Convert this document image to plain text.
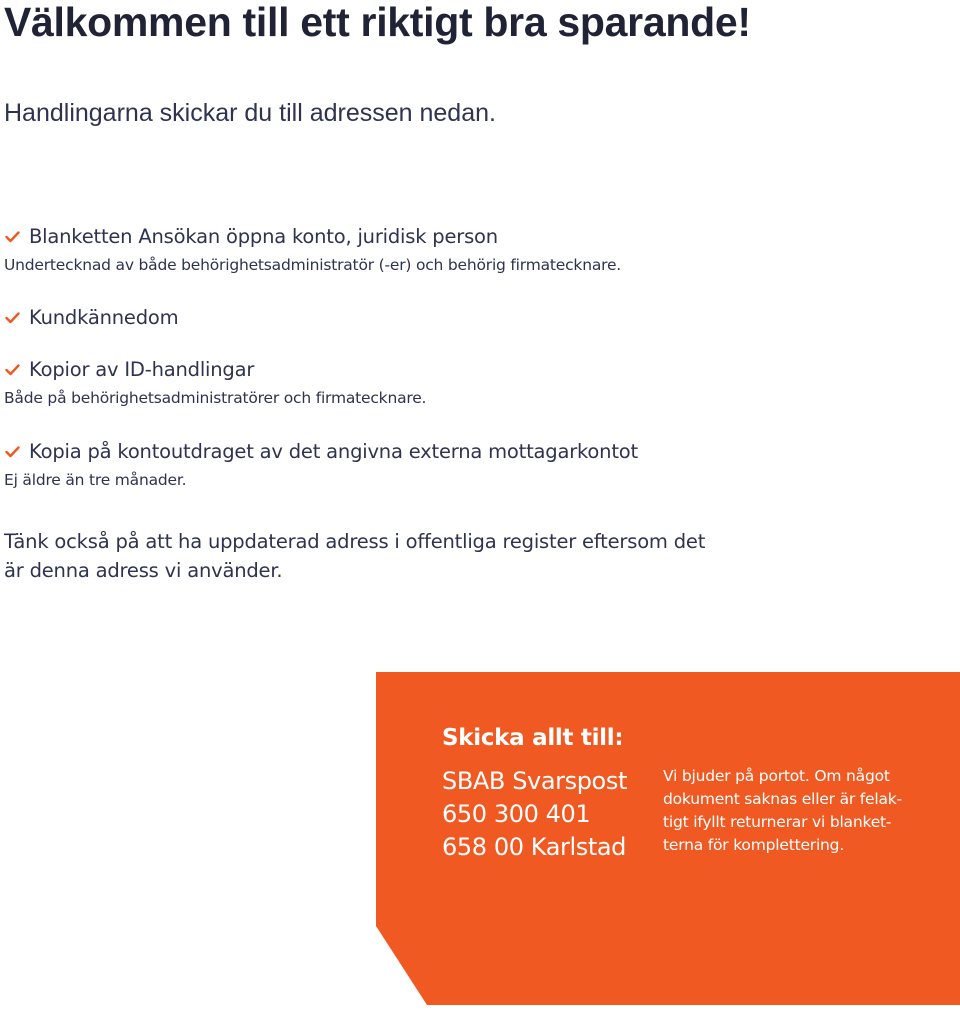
Välkommen till ett riktigt bra sparande!

Handlingarna skickar du till adressen nedan.

Blanketten Ansökan öppna konto, juridisk person
Undertecknad av både behörighetsadministratör (-er) och behörig firmatecknare.
Kundkännedom
Kopior av ID-handlingar
Både på behörighetsadministratörer och firmatecknare.
Kopia på kontoutdraget av det angivna externa mottagarkontot
Ej äldre än tre månader.
Tänk också på att ha uppdaterad adress i offentliga register eftersom det
är denna adress vi använder.
Skicka allt till:
SBAB Svarspost
650 300 401
658 00 Karlstad
Vi bjuder på portot. Om något
dokument saknas eller är felak-
tigt ifyllt returnerar vi blanket-
terna för komplettering.
